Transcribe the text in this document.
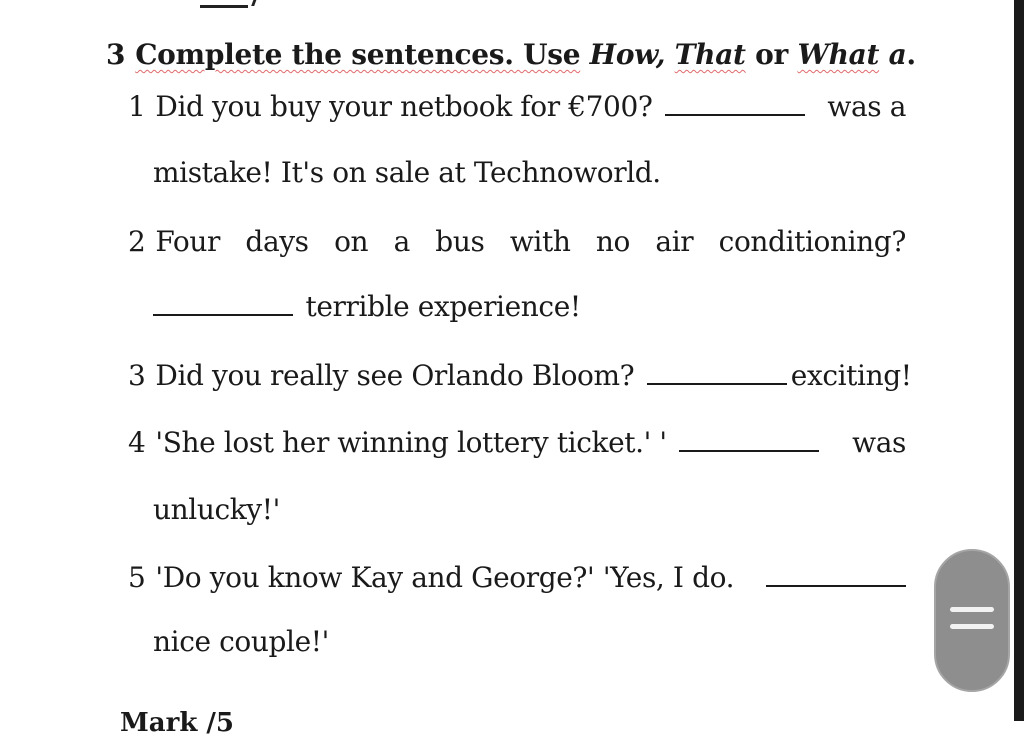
3 Complete the sentences. Use How, That or What a.
1 Did you buy your netbook for €700?	was a
mistake! It's on sale at Technoworld.
2 Four days on a bus with no air conditioning?
terrible experience!
3 Did you really see Orlando Bloom?	exciting!
4 'She lost her winning lottery ticket.' '	was
unlucky!'
5 'Do you know Kay and George?' 'Yes, I do.
nice couple!'
Mark /5
